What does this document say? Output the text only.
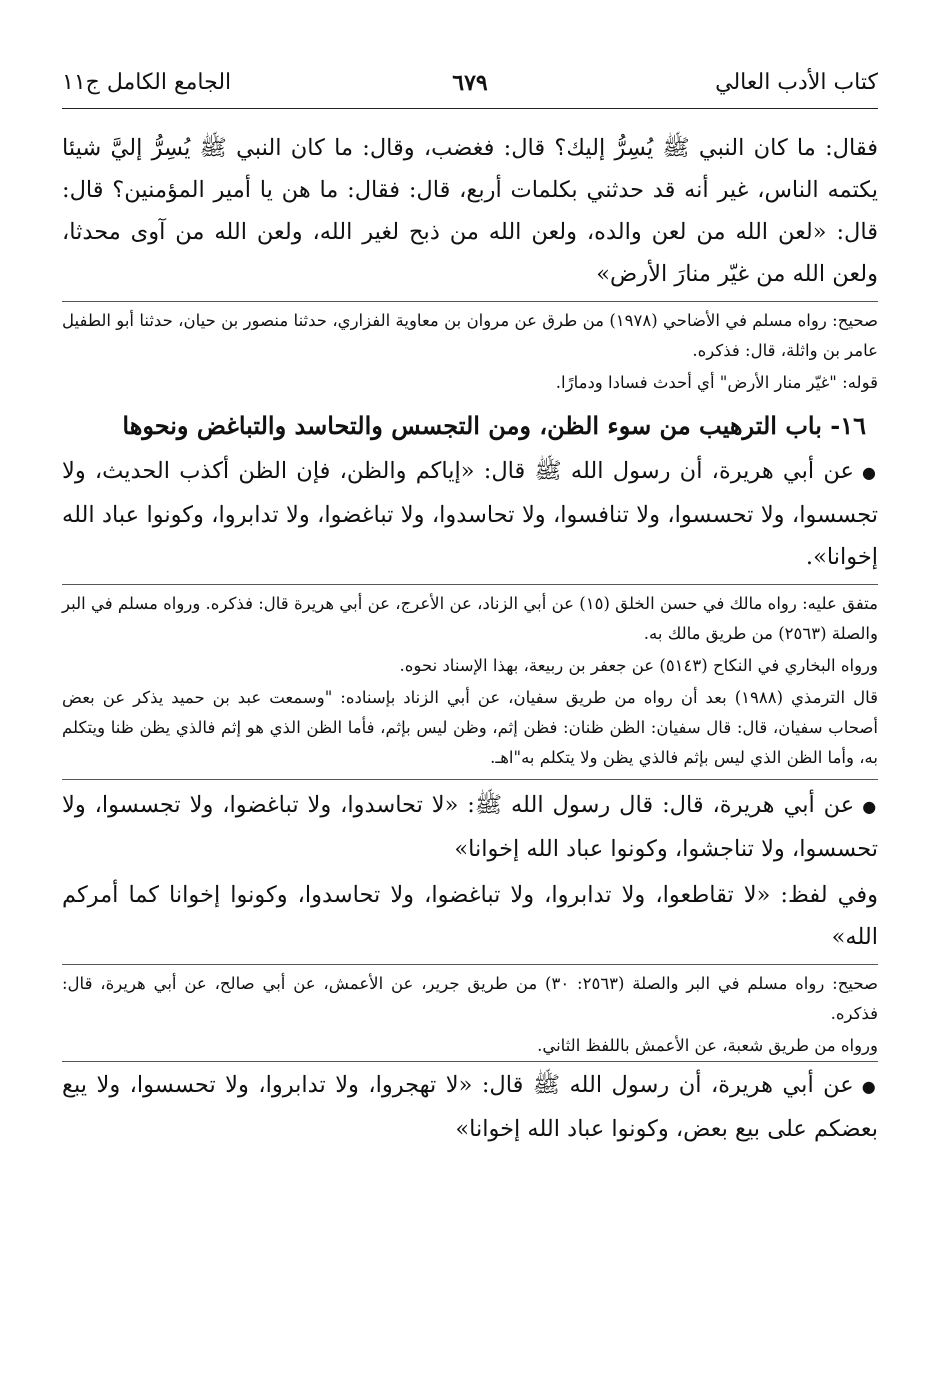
كتاب الأدب العالي
٦٧٩
الجامع الكامل ج١١

فقال: ما كان النبي ﷺ يُسِرُّ إليك؟ قال: فغضب، وقال: ما كان النبي ﷺ يُسِرُّ إليَّ شيئا يكتمه الناس، غير أنه قد حدثني بكلمات أربع، قال: فقال: ما هن يا أمير المؤمنين؟ قال: قال: «لعن الله من لعن والده، ولعن الله من ذبح لغير الله، ولعن الله من آوى محدثا، ولعن الله من غيّر منارَ الأرض»

صحيح: رواه مسلم في الأضاحي (١٩٧٨) من طرق عن مروان بن معاوية الفزاري، حدثنا منصور بن حيان، حدثنا أبو الطفيل عامر بن واثلة، قال: فذكره.

قوله: "غيّر منار الأرض" أي أحدث فسادا ودمارًا.

١٦- باب الترهيب من سوء الظن، ومن التجسس والتحاسد والتباغض ونحوها

●عن أبي هريرة، أن رسول الله ﷺ قال: «إياكم والظن، فإن الظن أكذب الحديث، ولا تجسسوا، ولا تحسسوا، ولا تنافسوا، ولا تحاسدوا، ولا تباغضوا، ولا تدابروا، وكونوا عباد الله إخوانا».

متفق عليه: رواه مالك في حسن الخلق (١٥) عن أبي الزناد، عن الأعرج، عن أبي هريرة قال: فذكره. ورواه مسلم في البر والصلة (٢٥٦٣) من طريق مالك به.

ورواه البخاري في النكاح (٥١٤٣) عن جعفر بن ربيعة، بهذا الإسناد نحوه.

قال الترمذي (١٩٨٨) بعد أن رواه من طريق سفيان، عن أبي الزناد بإسناده: "وسمعت عبد بن حميد يذكر عن بعض أصحاب سفيان، قال: قال سفيان: الظن ظنان: فظن إثم، وظن ليس بإثم، فأما الظن الذي هو إثم فالذي يظن ظنا ويتكلم به، وأما الظن الذي ليس بإثم فالذي يظن ولا يتكلم به"اهـ.

●عن أبي هريرة، قال: قال رسول الله ﷺ: «لا تحاسدوا، ولا تباغضوا، ولا تجسسوا، ولا تحسسوا، ولا تناجشوا، وكونوا عباد الله إخوانا»

وفي لفظ: «لا تقاطعوا، ولا تدابروا، ولا تباغضوا، ولا تحاسدوا، وكونوا إخوانا كما أمركم الله»

صحيح: رواه مسلم في البر والصلة (٢٥٦٣: ٣٠) من طريق جرير، عن الأعمش، عن أبي صالح، عن أبي هريرة، قال: فذكره.

ورواه من طريق شعبة، عن الأعمش باللفظ الثاني.

●عن أبي هريرة، أن رسول الله ﷺ قال: «لا تهجروا، ولا تدابروا، ولا تحسسوا، ولا يبع بعضكم على بيع بعض، وكونوا عباد الله إخوانا»
